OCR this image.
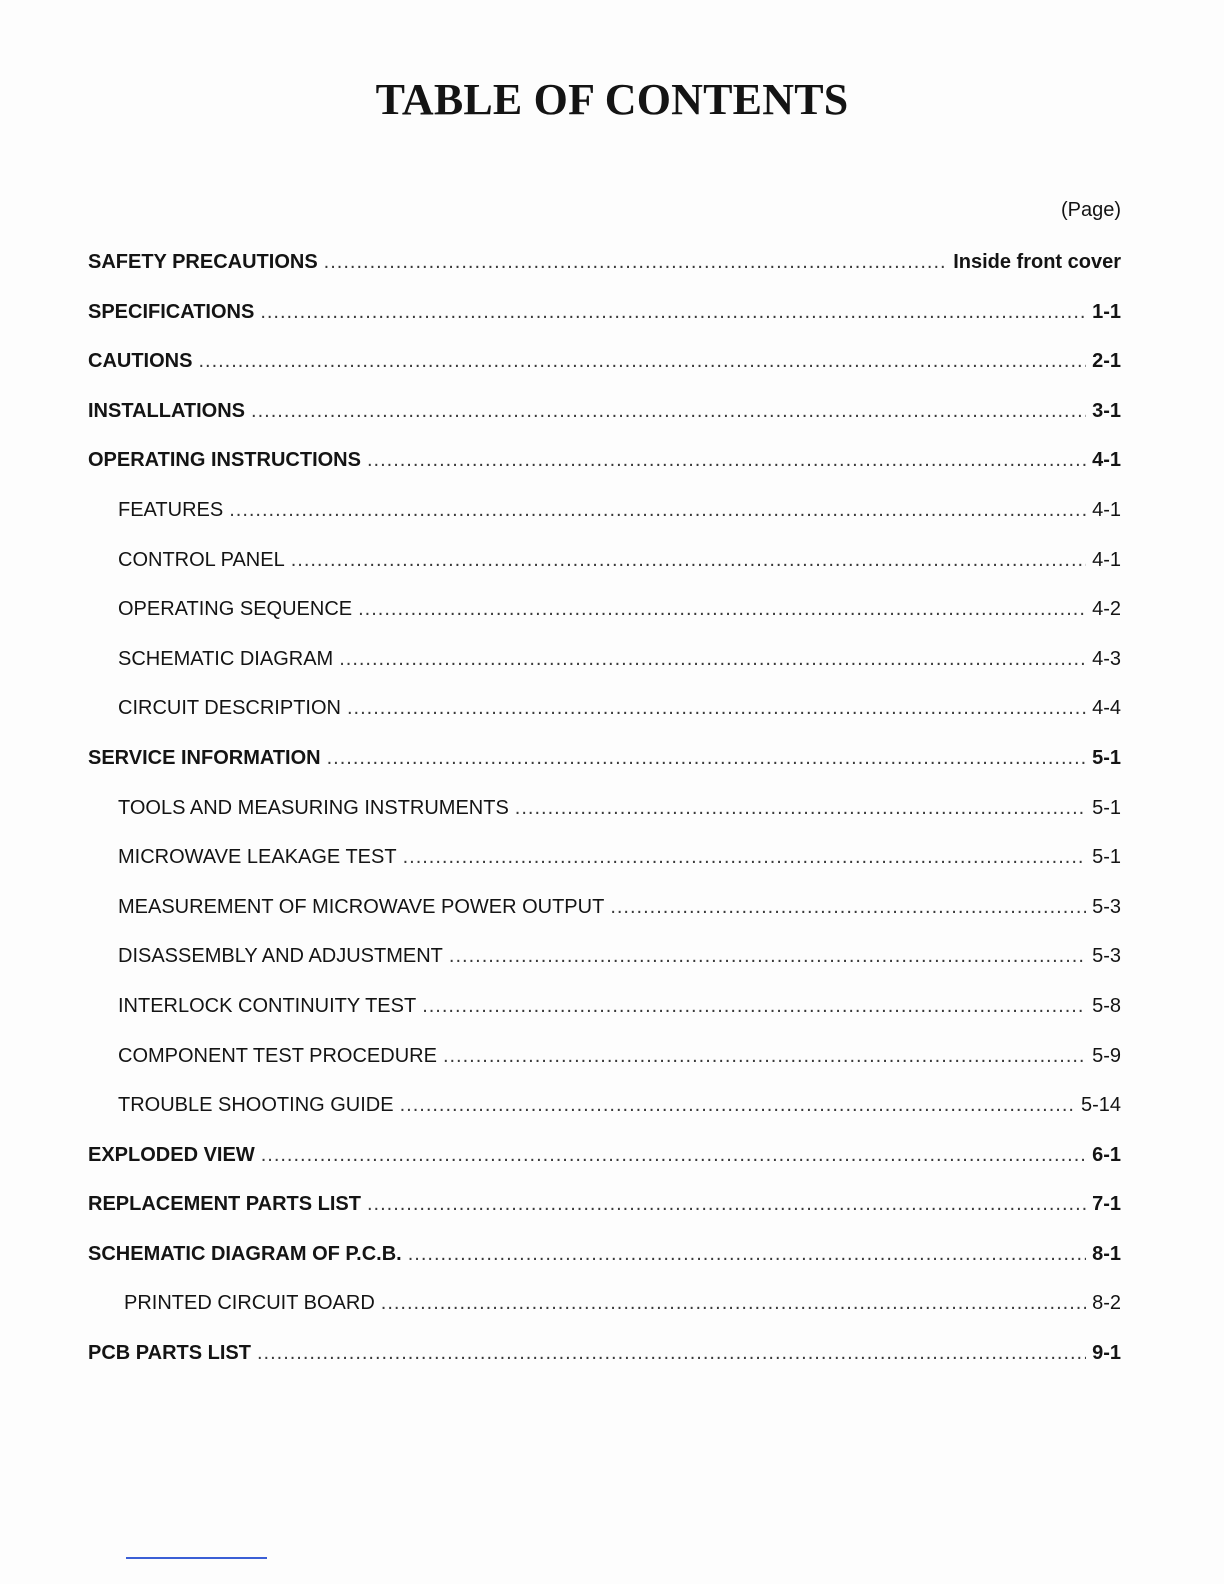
TABLE OF CONTENTS
(Page)
SAFETY PRECAUTIONS .....	Inside front cover
SPECIFICATIONS .....	1-1
CAUTIONS .....	2-1
INSTALLATIONS .....	3-1
OPERATING INSTRUCTIONS .....	4-1
FEATURES .....	4-1
CONTROL PANEL .....	4-1
OPERATING SEQUENCE .....	4-2
SCHEMATIC DIAGRAM .....	4-3
CIRCUIT DESCRIPTION .....	4-4
SERVICE INFORMATION .....	5-1
TOOLS AND MEASURING INSTRUMENTS .....	5-1
MICROWAVE LEAKAGE TEST .....	5-1
MEASUREMENT OF MICROWAVE POWER OUTPUT .....	5-3
DISASSEMBLY AND ADJUSTMENT .....	5-3
INTERLOCK CONTINUITY TEST .....	5-8
COMPONENT TEST PROCEDURE .....	5-9
TROUBLE SHOOTING GUIDE .....	5-14
EXPLODED VIEW .....	6-1
REPLACEMENT PARTS LIST .....	7-1
SCHEMATIC DIAGRAM OF P.C.B. .....	8-1
PRINTED CIRCUIT BOARD .....	8-2
PCB PARTS LIST .....	9-1
